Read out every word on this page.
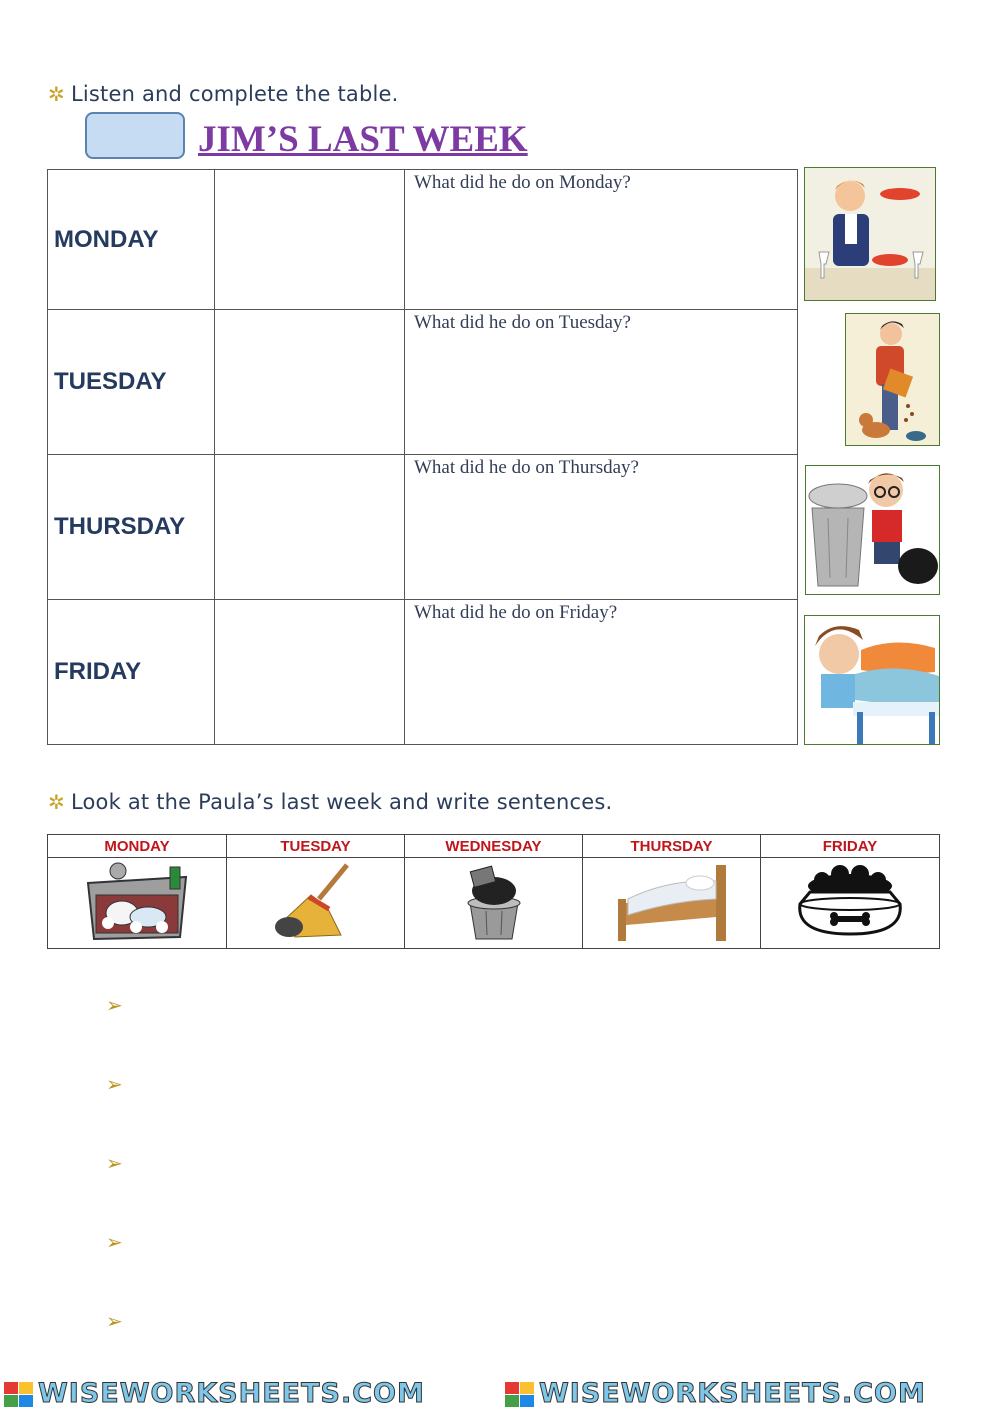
✲ Listen and complete the table.
JIM’S LAST WEEK
MONDAY		What did he do on Monday?

TUESDAY		What did he do on Tuesday?

THURSDAY		What did he do on Thursday?

FRIDAY		What did he do on Friday?
✲ Look at the Paula’s last week and write sentences.
MONDAY	TUESDAY	WEDNESDAY	THURSDAY	FRIDAY

➢
➢
➢
➢
➢
WISEWORKSHEETS.COM	WISEWORKSHEETS.COM
